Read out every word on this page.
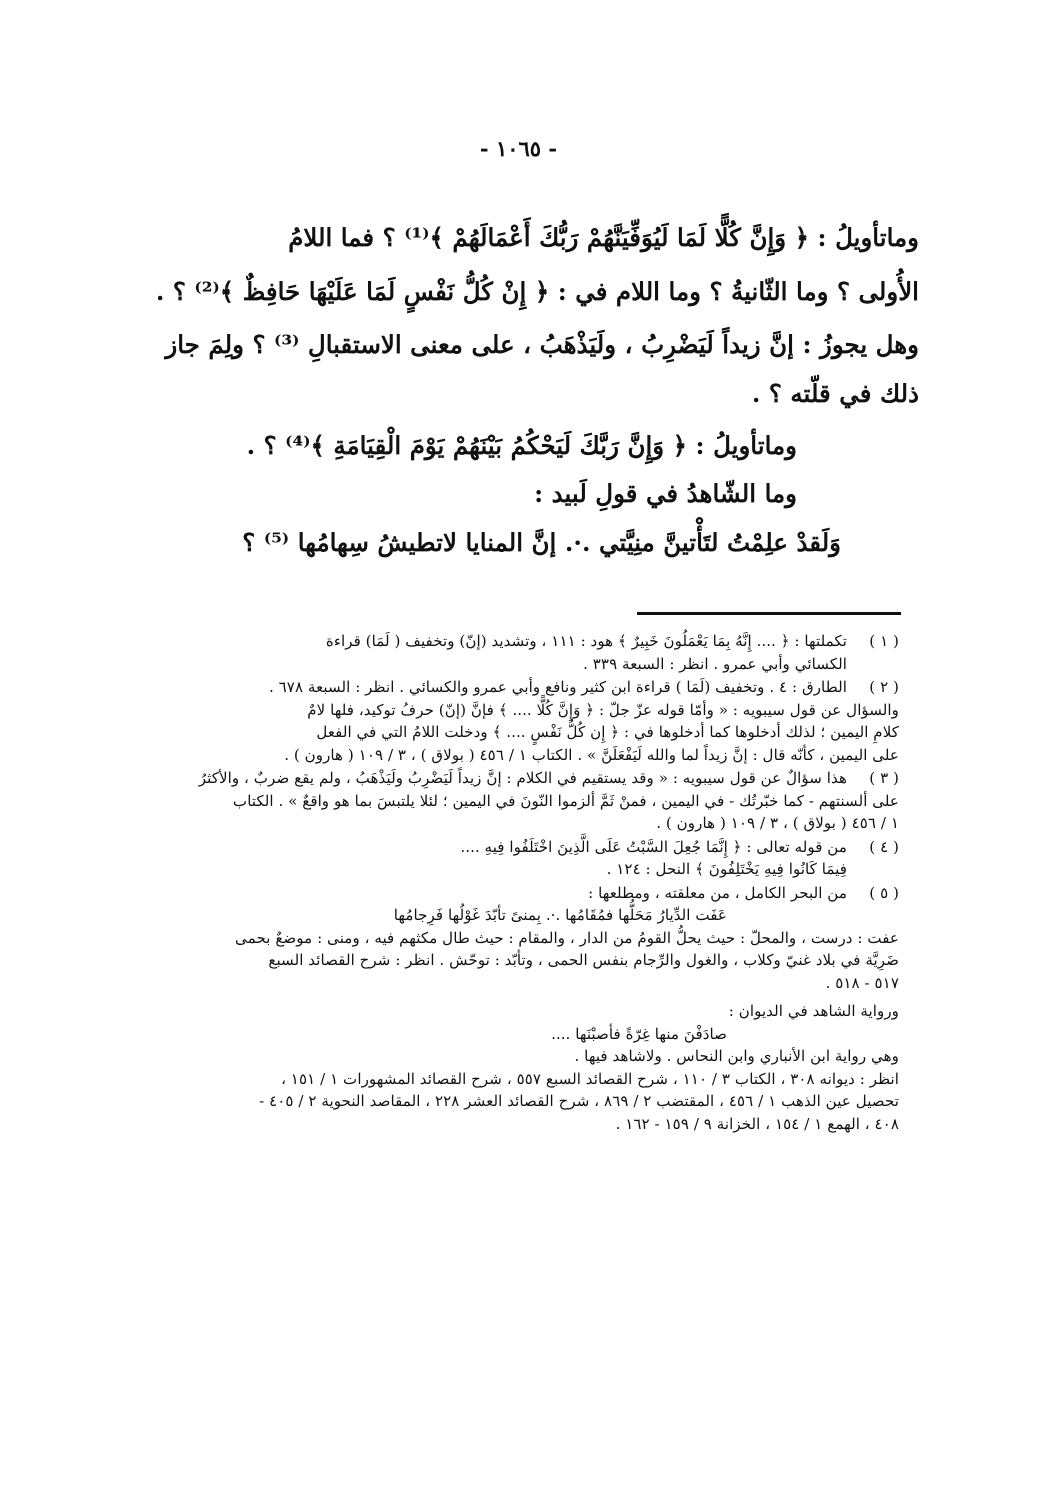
- ١٠٦٥ -

وماتأويلُ : ﴿ وَإِنَّ كُلًّا لَمَا لَيُوَفِّيَنَّهُمْ رَبُّكَ أَعْمَالَهُمْ ﴾⁽¹⁾ ؟ فما اللامُ

الأُولى ؟ وما الثّانيةُ ؟ وما اللام في : ﴿ إِنْ كُلُّ نَفْسٍ لَمَا عَلَيْهَا حَافِظٌ ﴾⁽²⁾ ؟ .

وهل يجوزُ : إنَّ زيداً لَيَضْرِبُ ، ولَيَذْهَبُ ، على معنى الاستقبالِ ⁽³⁾ ؟ ولِمَ جاز

ذلك في قلّته ؟ .

وماتأويلُ : ﴿ وَإِنَّ رَبَّكَ لَيَحْكُمُ بَيْنَهُمْ يَوْمَ الْقِيَامَةِ ﴾⁽⁴⁾ ؟ .

وما الشّاهدُ في قولِ لَبيد :

وَلَقدْ علِمْتُ لتَأْتينَّ منِيَّتي .·. إنَّ المنايا لاتطيشُ سِهامُها ⁽⁵⁾ ؟

( ١ )

تكملتها : ﴿ .... إِنَّهُ بِمَا يَعْمَلُونَ خَبِيرٌ ﴾ هود : ١١١ ، وتشديد (إنّ) وتخفيف ( لَمَا) قراءة

الكسائي وأبي عمرو . انظر : السبعة ٣٣٩ .

( ٢ )

الطارق : ٤ . وتخفيف (لَمَا ) قراءة ابن كثير ونافع وأبي عمرو والكسائي . انظر : السبعة ٦٧٨ .

والسؤال عن قول سيبويه : « وأمّا قوله عزّ جلّ : ﴿ وَإِنَّ كُلًّا .... ﴾ فإنَّ (إنّ) حرفُ توكيد، فلها لامٌ

كلامِ اليمين ؛ لذلك أدخلوها كما أدخلوها في : ﴿ إِن كُلُّ نَفْسٍ .... ﴾ ودخلت اللامُ التي في الفعل

على اليمين ، كأنّه قال : إنَّ زيداً لما والله لَيَفْعَلَنَّ » . الكتاب ١ / ٤٥٦ ( بولاق ) ، ٣ / ١٠٩ ( هارون ) .

( ٣ )

هذا سؤالٌ عن قول سيبويه : « وقد يستقيم في الكلام : إنَّ زيداً لَيَضْرِبُ ولَيَذْهَبُ ، ولم يقع ضربٌ ، والأكثرُ

على ألسنتهم - كما خبّرتُك - في اليمين ، فمنْ ثَمَّ ألزموا النّونَ في اليمين ؛ لئلا يلتبسَ بما هو واقعٌ » . الكتاب

١ / ٤٥٦ ( بولاق ) ، ٣ / ١٠٩ ( هارون ) .

( ٤ )

من قوله تعالى : ﴿ إِنَّمَا جُعِلَ السَّبْتُ عَلَى الَّذِينَ اخْتَلَفُوا فِيهِ ....

فِيمَا كَانُوا فِيهِ يَخْتَلِفُونَ ﴾ النحل : ١٢٤ .

( ٥ )

من البحر الكامل ، من معلقته ، ومطلعها :

عَفَت الدِّيارُ مَحَلُّها فمُقَامُها .·. بِمنىً تأبّدَ غَوْلُها فَرِجامُها

عفت : درست ، والمحلّ : حيث يحلُّ القومُ من الدار ، والمقام : حيث طال مكثهم فيه ، ومنى : موضعٌ بحمى

ضَرِيَّة في بلاد غنيّ وكلاب ، والغول والرِّجام بنفس الحمى ، وتأبّد : توحّش . انظر : شرح القصائد السبع

٥١٧ - ٥١٨ .

ورواية الشاهد في الديوان :

صادَفْنَ منها غِرّةً فأصبْنَها ....

وهي رواية ابن الأنباري وابن النحاس . ولاشاهد فيها .

انظر : ديوانه ٣٠٨ ، الكتاب ٣ / ١١٠ ، شرح القصائد السبع ٥٥٧ ، شرح القصائد المشهورات ١ / ١٥١ ،

تحصيل عين الذهب ١ / ٤٥٦ ، المقتضب ٢ / ٨٦٩ ، شرح القصائد العشر ٢٢٨ ، المقاصد النحوية ٢ / ٤٠٥ -

٤٠٨ ، الهمع ١ / ١٥٤ ، الخزانة ٩ / ١٥٩ - ١٦٢ .
